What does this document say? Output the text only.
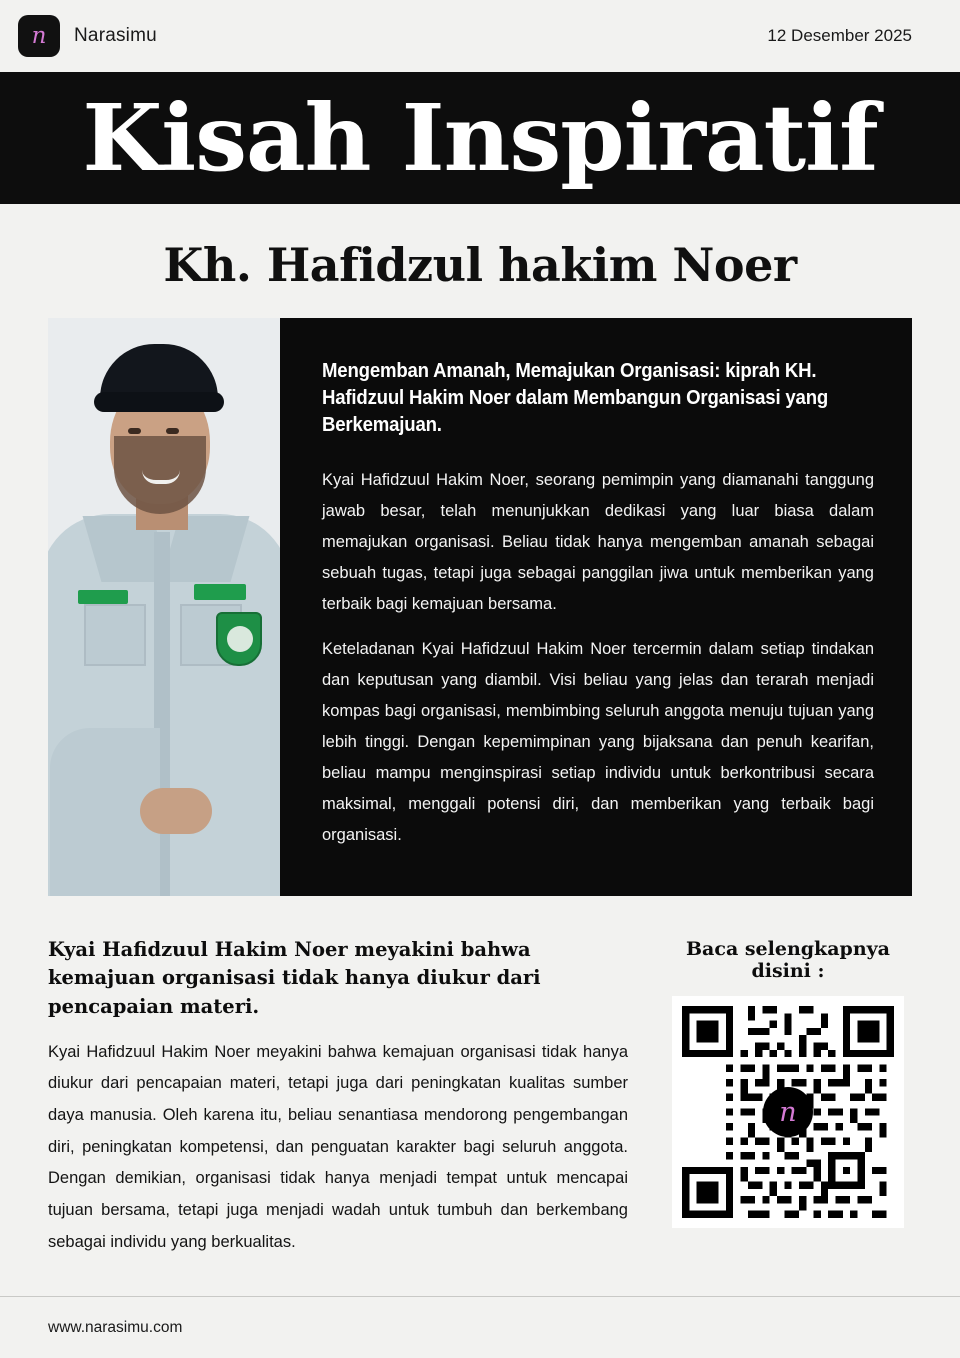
n Narasimu	12 Desember 2025
Kisah Inspiratif
Kh. Hafidzul hakim Noer
Mengemban Amanah, Memajukan Organisasi: kiprah KH. Hafidzuul Hakim Noer dalam Membangun Organisasi yang Berkemajuan.

Kyai Hafidzuul Hakim Noer, seorang pemimpin yang diamanahi tanggung jawab besar, telah menunjukkan dedikasi yang luar biasa dalam memajukan organisasi. Beliau tidak hanya mengemban amanah sebagai sebuah tugas, tetapi juga sebagai panggilan jiwa untuk memberikan yang terbaik bagi kemajuan bersama.

Keteladanan Kyai Hafidzuul Hakim Noer tercermin dalam setiap tindakan dan keputusan yang diambil. Visi beliau yang jelas dan terarah menjadi kompas bagi organisasi, membimbing seluruh anggota menuju tujuan yang lebih tinggi. Dengan kepemimpinan yang bijaksana dan penuh kearifan, beliau mampu menginspirasi setiap individu untuk berkontribusi secara maksimal, menggali potensi diri, dan memberikan yang terbaik bagi organisasi.

Kyai Hafidzuul Hakim Noer meyakini bahwa kemajuan organisasi tidak hanya diukur dari pencapaian materi.

Kyai Hafidzuul Hakim Noer meyakini bahwa kemajuan organisasi tidak hanya diukur dari pencapaian materi, tetapi juga dari peningkatan kualitas sumber daya manusia. Oleh karena itu, beliau senantiasa mendorong pengembangan diri, peningkatan kompetensi, dan penguatan karakter bagi seluruh anggota. Dengan demikian, organisasi tidak hanya menjadi tempat untuk mencapai tujuan bersama, tetapi juga menjadi wadah untuk tumbuh dan berkembang sebagai individu yang berkualitas.

Baca selengkapnya disini :
n
www.narasimu.com
